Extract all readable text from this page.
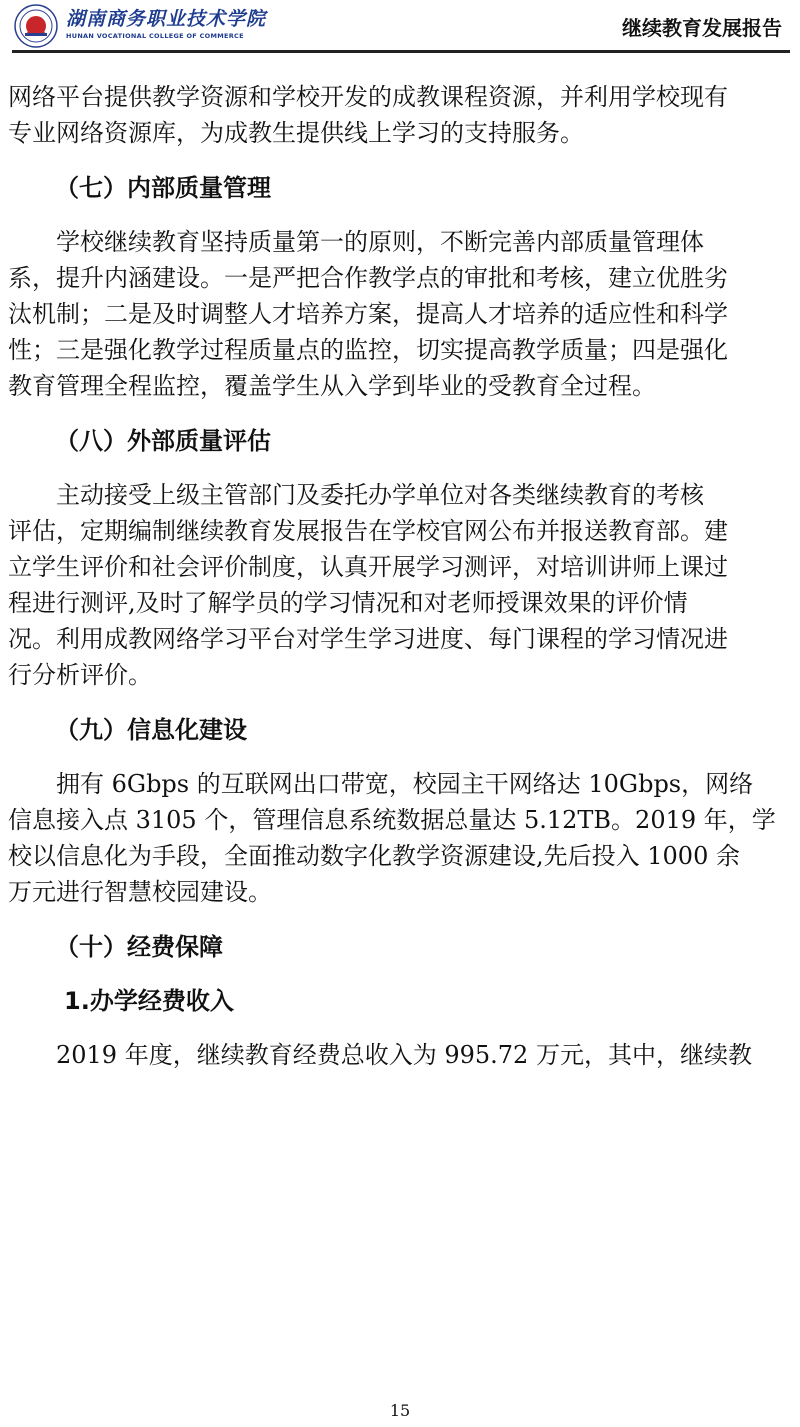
湖南商务职业技术学院
HUNAN VOCATIONAL COLLEGE OF COMMERCE	继续教育发展报告
网络平台提供教学资源和学校开发的成教课程资源，并利用学校现有
专业网络资源库，为成教生提供线上学习的支持服务。
（七）内部质量管理
　　学校继续教育坚持质量第一的原则，不断完善内部质量管理体
系，提升内涵建设。一是严把合作教学点的审批和考核，建立优胜劣
汰机制；二是及时调整人才培养方案，提高人才培养的适应性和科学
性；三是强化教学过程质量点的监控，切实提高教学质量；四是强化
教育管理全程监控，覆盖学生从入学到毕业的受教育全过程。
（八）外部质量评估
　　主动接受上级主管部门及委托办学单位对各类继续教育的考核
评估，定期编制继续教育发展报告在学校官网公布并报送教育部。建
立学生评价和社会评价制度，认真开展学习测评，对培训讲师上课过
程进行测评,及时了解学员的学习情况和对老师授课效果的评价情
况。利用成教网络学习平台对学生学习进度、每门课程的学习情况进
行分析评价。
（九）信息化建设
　　拥有 6Gbps 的互联网出口带宽，校园主干网络达 10Gbps，网络
信息接入点 3105 个，管理信息系统数据总量达 5.12TB。2019 年，学
校以信息化为手段，全面推动数字化教学资源建设,先后投入 1000 余
万元进行智慧校园建设。
（十）经费保障
1.办学经费收入
　　2019 年度，继续教育经费总收入为 995.72 万元，其中，继续教
15
